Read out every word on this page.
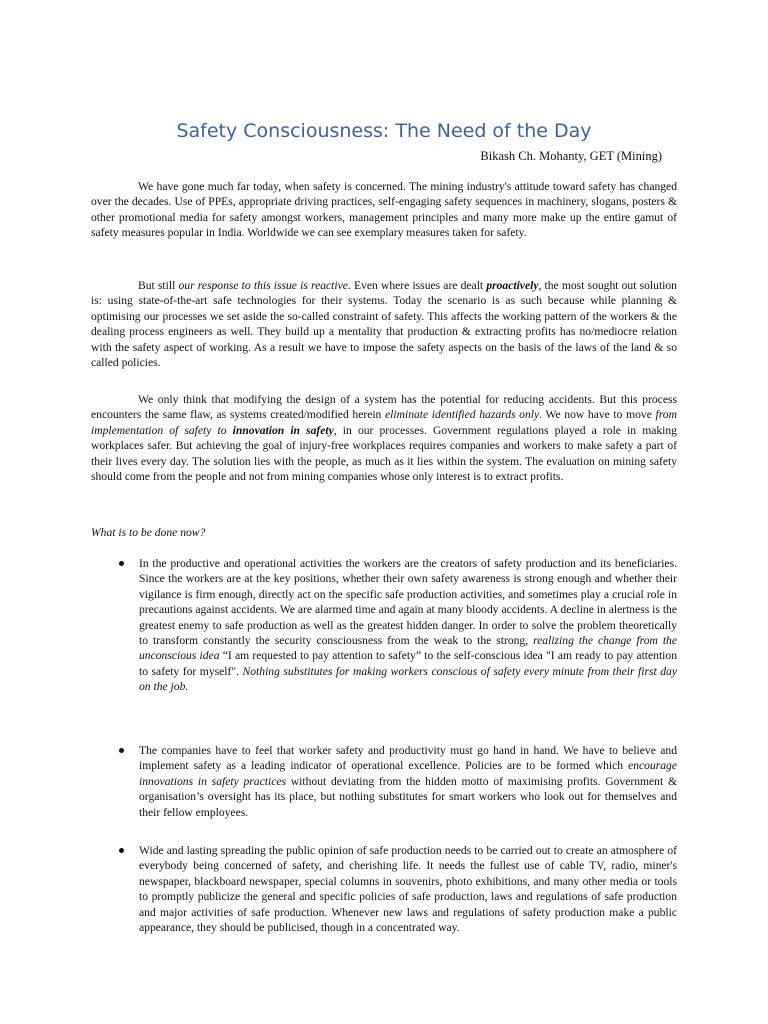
Safety Consciousness: The Need of the Day
Bikash Ch. Mohanty, GET (Mining)

We have gone much far today, when safety is concerned. The mining industry's attitude toward safety has changed over the decades. Use of PPEs, appropriate driving practices, self-engaging safety sequences in machinery, slogans, posters & other promotional media for safety amongst workers, management principles and many more make up the entire gamut of safety measures popular in India. Worldwide we can see exemplary measures taken for safety.

But still our response to this issue is reactive. Even where issues are dealt proactively, the most sought out solution is: using state-of-the-art safe technologies for their systems. Today the scenario is as such because while planning & optimising our processes we set aside the so-called constraint of safety. This affects the working pattern of the workers & the dealing process engineers as well. They build up a mentality that production & extracting profits has no/mediocre relation with the safety aspect of working. As a result we have to impose the safety aspects on the basis of the laws of the land & so called policies.

We only think that modifying the design of a system has the potential for reducing accidents. But this process encounters the same flaw, as systems created/modified herein eliminate identified hazards only. We now have to move from implementation of safety to innovation in safety, in our processes. Government regulations played a role in making workplaces safer. But achieving the goal of injury-free workplaces requires companies and workers to make safety a part of their lives every day. The solution lies with the people, as much as it lies within the system. The evaluation on mining safety should come from the people and not from mining companies whose only interest is to extract profits.

What is to be done now?

In the productive and operational activities the workers are the creators of safety production and its beneficiaries. Since the workers are at the key positions, whether their own safety awareness is strong enough and whether their vigilance is firm enough, directly act on the specific safe production activities, and sometimes play a crucial role in precautions against accidents. We are alarmed time and again at many bloody accidents. A decline in alertness is the greatest enemy to safe production as well as the greatest hidden danger. In order to solve the problem theoretically to transform constantly the security consciousness from the weak to the strong, realizing the change from the unconscious idea “I am requested to pay attention to safety” to the self-conscious idea "I am ready to pay attention to safety for myself". Nothing substitutes for making workers conscious of safety every minute from their first day on the job.

The companies have to feel that worker safety and productivity must go hand in hand. We have to believe and implement safety as a leading indicator of operational excellence. Policies are to be formed which encourage innovations in safety practices without deviating from the hidden motto of maximising profits. Government & organisation’s oversight has its place, but nothing substitutes for smart workers who look out for themselves and their fellow employees.

Wide and lasting spreading the public opinion of safe production needs to be carried out to create an atmosphere of everybody being concerned of safety, and cherishing life. It needs the fullest use of cable TV, radio, miner's newspaper, blackboard newspaper, special columns in souvenirs, photo exhibitions, and many other media or tools to promptly publicize the general and specific policies of safe production, laws and regulations of safe production and major activities of safe production. Whenever new laws and regulations of safety production make a public appearance, they should be publicised, though in a concentrated way.
